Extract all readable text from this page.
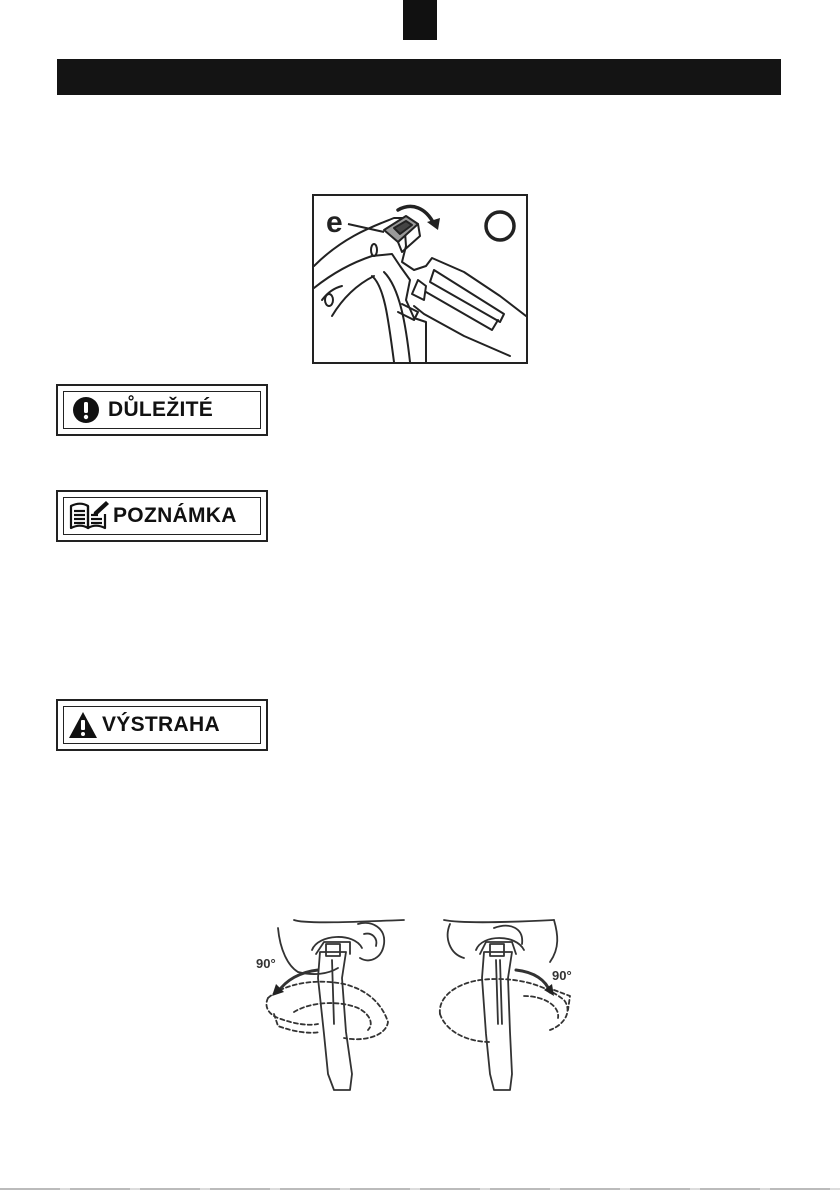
e
DŮLEŽITÉ
POZNÁMKA
VÝSTRAHA
90°
90°
